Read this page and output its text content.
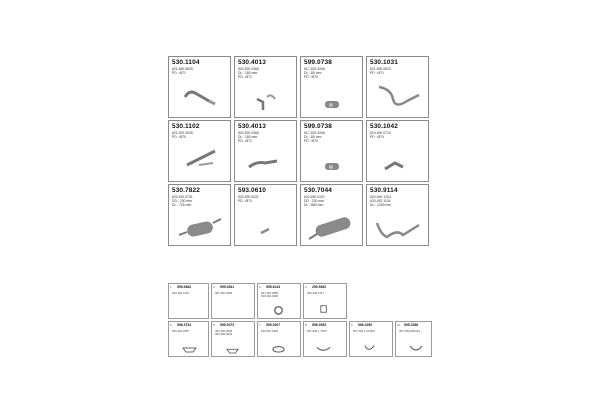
530.1104
621.480.0825
PD : Ø71
530.4013
520.490.0365
DL : 180 mm
PD : Ø71
599.0738
617.492.3006
DL : 85 mm
PD : Ø70
530.1031
621.490.0810
PD : Ø71
530.1102
621.492.0925
PD : Ø70
530.4013
520.490.0365
DL : 180 mm
PD : Ø71
599.0738
617.492.3006
DL : 85 mm
PD : Ø70
530.1042
624.490.0710
PD : Ø70
530.7822
620.490.0701
DD : 230 mm
DL : 725 mm
593.0610
520.490.0021
PD : Ø70
530.7044
620.490.0221
DD : 230 mm
DL : 880 mm
530.9114
620.490.1204
620.492.1104
DL : 1250 mm
1 595.9462
620.492.1201
2 595.0261
387.492.0083
3 595.6143
387.492.2882
620.492.0390
4 250.9462
620.429.4717
5 596.3734
620.492.0487
6 595.0373
352.492.0030
382.492.0033
7 595.0307
620.997.0492
8 596.0393
527.096.1 ?0/07
9 596.2290
877.009.1 20.802
10 595.2286
357.009.468.021
